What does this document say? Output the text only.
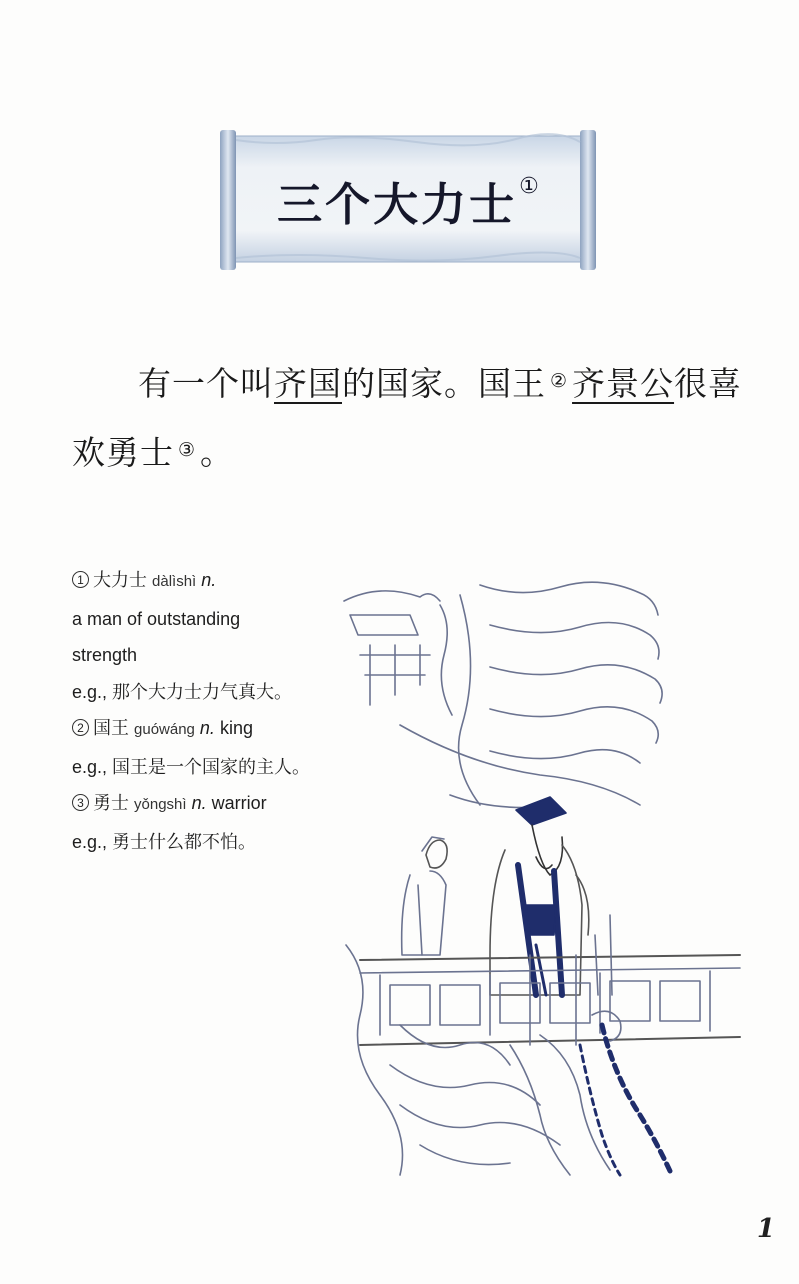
三个大力士 ①
有一个叫齐国的国家。国王 ② 齐景公很喜
欢勇士 ③ 。
1 大力士 dàlìshì n.
a man of outstanding
strength
e.g., 那个大力士力气真大。
2 国王 guówáng n. king
e.g., 国王是一个国家的主人。
3 勇士 yǒngshì n. warrior
e.g., 勇士什么都不怕。
1
